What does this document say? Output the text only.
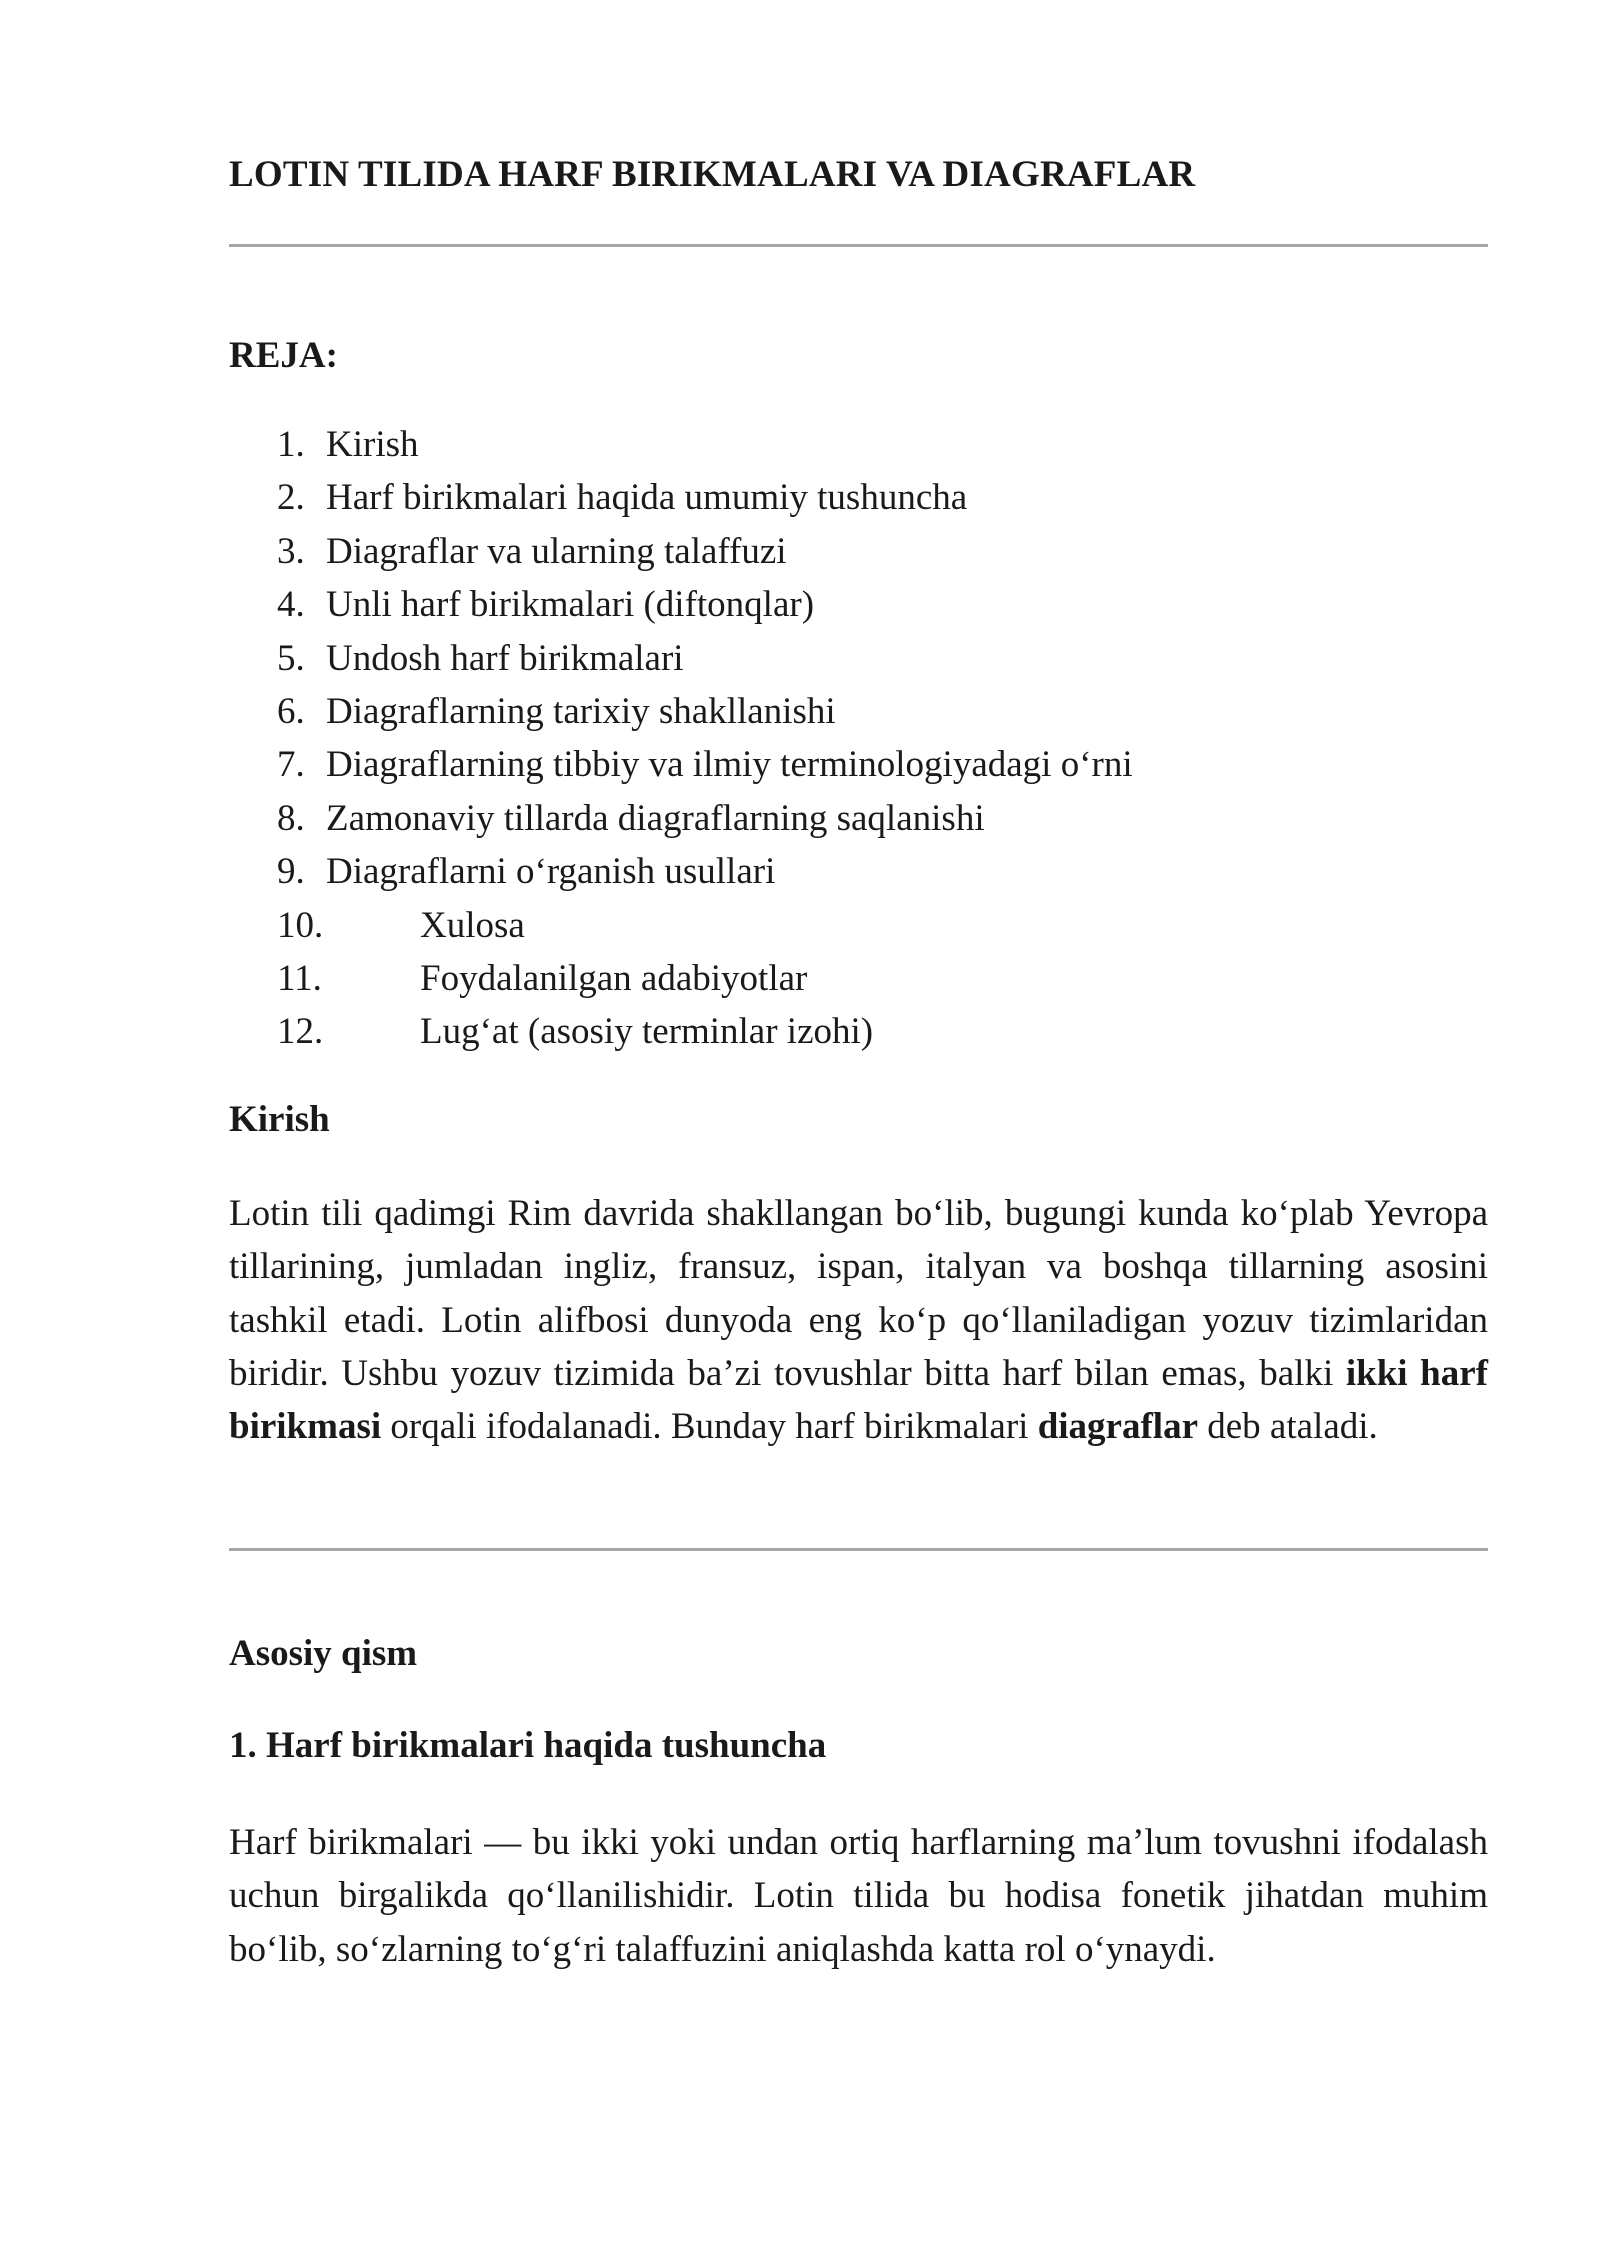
LOTIN TILIDA HARF BIRIKMALARI VA DIAGRAFLAR
REJA:
1. Kirish
2. Harf birikmalari haqida umumiy tushuncha
3. Diagraflar va ularning talaffuzi
4. Unli harf birikmalari (diftonqlar)
5. Undosh harf birikmalari
6. Diagraflarning tarixiy shakllanishi
7. Diagraflarning tibbiy va ilmiy terminologiyadagi o‘rni
8. Zamonaviy tillarda diagraflarning saqlanishi
9. Diagraflarni o‘rganish usullari
10.	Xulosa
11.	Foydalanilgan adabiyotlar
12.	Lug‘at (asosiy terminlar izohi)
Kirish

Lotin tili qadimgi Rim davrida shakllangan bo‘lib, bugungi kunda ko‘plab Yevropa tillarining, jumladan ingliz, fransuz, ispan, italyan va boshqa tillarning asosini tashkil etadi. Lotin alifbosi dunyoda eng ko‘p qo‘llaniladigan yozuv tizimlaridan biridir. Ushbu yozuv tizimida ba’zi tovushlar bitta harf bilan emas, balki ikki harf birikmasi orqali ifodalanadi. Bunday harf birikmalari diagraflar deb ataladi.

Asosiy qism
1. Harf birikmalari haqida tushuncha

Harf birikmalari — bu ikki yoki undan ortiq harflarning ma’lum tovushni ifodalash uchun birgalikda qo‘llanilishidir. Lotin tilida bu hodisa fonetik jihatdan muhim bo‘lib, so‘zlarning to‘g‘ri talaffuzini aniqlashda katta rol o‘ynaydi.
